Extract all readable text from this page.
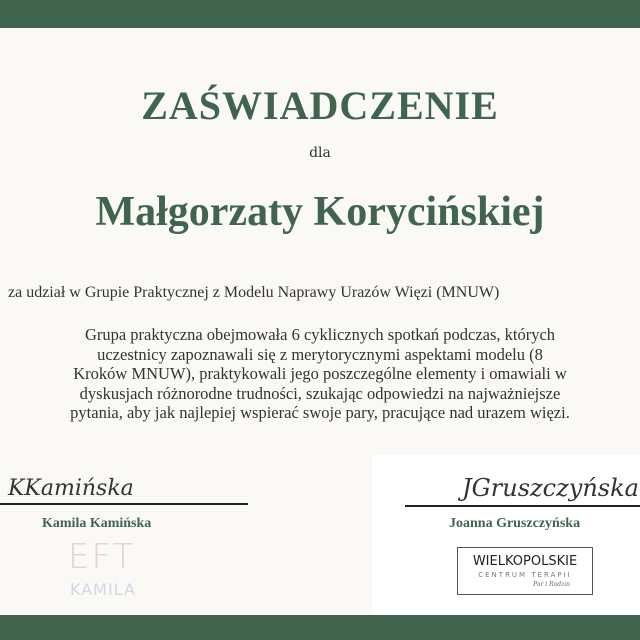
ZAŚWIADCZENIE
dla
Małgorzaty Korycińskiej
za udział w Grupie Praktycznej z Modelu Naprawy Urazów Więzi (MNUW)
Grupa praktyczna obejmowała 6 cyklicznych spotkań podczas, których
uczestnicy zapoznawali się z merytorycznymi aspektami modelu (8
Kroków MNUW), praktykowali jego poszczególne elementy i omawiali w
dyskusjach różnorodne trudności, szukając odpowiedzi na najważniejsze
pytania, aby jak najlepiej wspierać swoje pary, pracujące nad urazem więzi.
KKamińska
Kamila Kamińska
EFT
KAMILA
JGruszczyńska
Joanna Gruszczyńska
WIELKOPOLSKIE
CENTRUM TERAPII
Par i Rodzin
